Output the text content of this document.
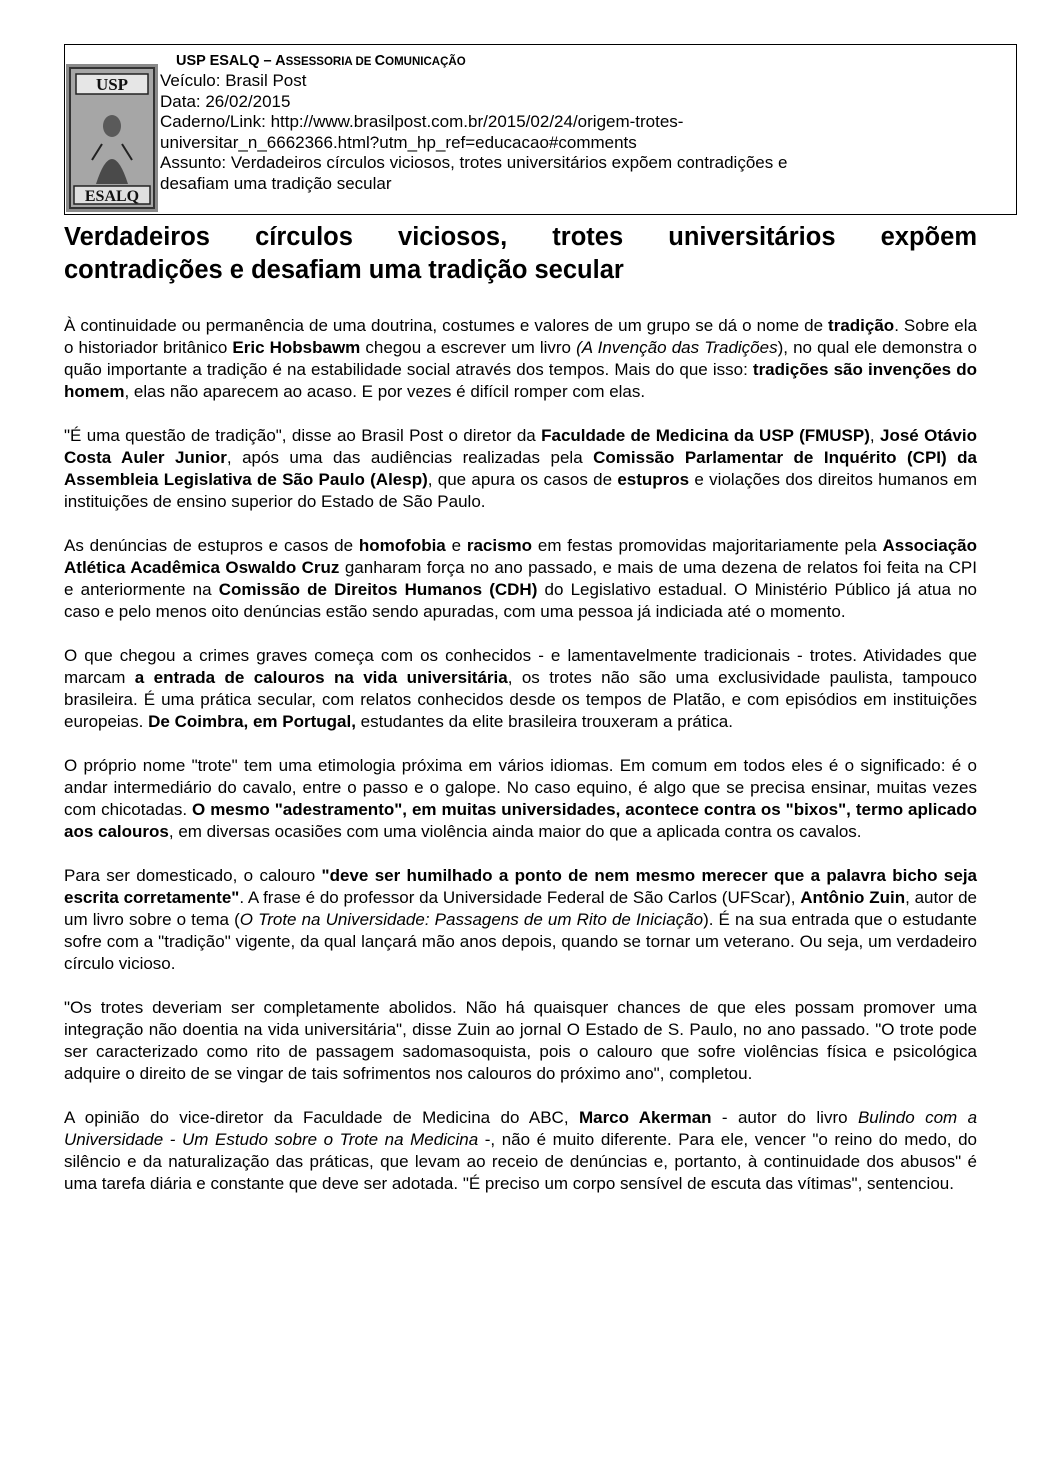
USP
ESALQ
USP ESALQ – ASSESSORIA DE COMUNICAÇÃO
Veículo: Brasil Post
Data: 26/02/2015
Caderno/Link: http://www.brasilpost.com.br/2015/02/24/origem-trotes-
universitar_n_6662366.html?utm_hp_ref=educacao#comments
Assunto: Verdadeiros círculos viciosos, trotes universitários expõem contradições e
desafiam uma tradição secular
Verdadeiros círculos viciosos, trotes universitários expõem
contradições e desafiam uma tradição secular

À continuidade ou permanência de uma doutrina, costumes e valores de um grupo se dá o nome de tradição. Sobre ela o historiador britânico Eric Hobsbawm chegou a escrever um livro (A Invenção das Tradições), no qual ele demonstra o quão importante a tradição é na estabilidade social através dos tempos. Mais do que isso: tradições são invenções do homem, elas não aparecem ao acaso. E por vezes é difícil romper com elas.

"É uma questão de tradição", disse ao Brasil Post o diretor da Faculdade de Medicina da USP (FMUSP), José Otávio Costa Auler Junior, após uma das audiências realizadas pela Comissão Parlamentar de Inquérito (CPI) da Assembleia Legislativa de São Paulo (Alesp), que apura os casos de estupros e violações dos direitos humanos em instituições de ensino superior do Estado de São Paulo.

As denúncias de estupros e casos de homofobia e racismo em festas promovidas majoritariamente pela Associação Atlética Acadêmica Oswaldo Cruz ganharam força no ano passado, e mais de uma dezena de relatos foi feita na CPI e anteriormente na Comissão de Direitos Humanos (CDH) do Legislativo estadual. O Ministério Público já atua no caso e pelo menos oito denúncias estão sendo apuradas, com uma pessoa já indiciada até o momento.

O que chegou a crimes graves começa com os conhecidos - e lamentavelmente tradicionais - trotes. Atividades que marcam a entrada de calouros na vida universitária, os trotes não são uma exclusividade paulista, tampouco brasileira. É uma prática secular, com relatos conhecidos desde os tempos de Platão, e com episódios em instituições europeias. De Coimbra, em Portugal, estudantes da elite brasileira trouxeram a prática.

O próprio nome "trote" tem uma etimologia próxima em vários idiomas. Em comum em todos eles é o significado: é o andar intermediário do cavalo, entre o passo e o galope. No caso equino, é algo que se precisa ensinar, muitas vezes com chicotadas. O mesmo "adestramento", em muitas universidades, acontece contra os "bixos", termo aplicado aos calouros, em diversas ocasiões com uma violência ainda maior do que a aplicada contra os cavalos.

Para ser domesticado, o calouro "deve ser humilhado a ponto de nem mesmo merecer que a palavra bicho seja escrita corretamente". A frase é do professor da Universidade Federal de São Carlos (UFScar), Antônio Zuin, autor de um livro sobre o tema (O Trote na Universidade: Passagens de um Rito de Iniciação). É na sua entrada que o estudante sofre com a "tradição" vigente, da qual lançará mão anos depois, quando se tornar um veterano. Ou seja, um verdadeiro círculo vicioso.

"Os trotes deveriam ser completamente abolidos. Não há quaisquer chances de que eles possam promover uma integração não doentia na vida universitária", disse Zuin ao jornal O Estado de S. Paulo, no ano passado. "O trote pode ser caracterizado como rito de passagem sadomasoquista, pois o calouro que sofre violências física e psicológica adquire o direito de se vingar de tais sofrimentos nos calouros do próximo ano", completou.

A opinião do vice-diretor da Faculdade de Medicina do ABC, Marco Akerman - autor do livro Bulindo com a Universidade - Um Estudo sobre o Trote na Medicina -, não é muito diferente. Para ele, vencer "o reino do medo, do silêncio e da naturalização das práticas, que levam ao receio de denúncias e, portanto, à continuidade dos abusos" é uma tarefa diária e constante que deve ser adotada. "É preciso um corpo sensível de escuta das vítimas", sentenciou.
